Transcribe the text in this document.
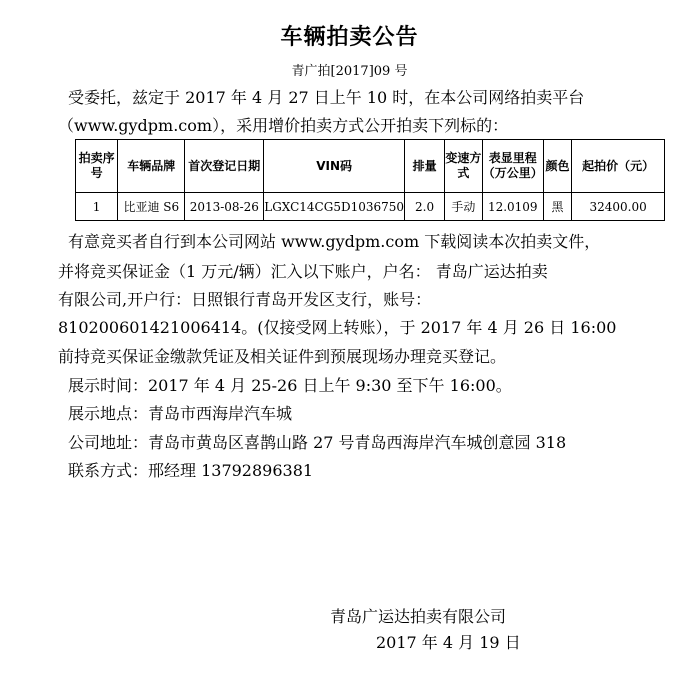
车辆拍卖公告
青广拍[2017]09 号
受委托，兹定于 2017 年 4 月 27 日上午 10 时，在本公司网络拍卖平台
（www.gydpm.com），采用增价拍卖方式公开拍卖下列标的：
拍卖序号	车辆品牌	首次登记日期	VIN码	排量	变速方式	表显里程（万公里）	颜色	起拍价（元）
1	比亚迪 S6	2013-08-26	LGXC14CG5D1036750	2.0	手动	12.0109	黑	32400.00
有意竞买者自行到本公司网站 www.gydpm.com 下载阅读本次拍卖文件，
并将竞买保证金（1 万元/辆）汇入以下账户，户名： 青岛广运达拍卖
有限公司,开户行：日照银行青岛开发区支行，账号：
810200601421006414。(仅接受网上转账），于 2017 年 4 月 26 日 16:00
前持竞买保证金缴款凭证及相关证件到预展现场办理竞买登记。
展示时间：2017 年 4 月 25-26 日上午 9:30 至下午 16:00。
展示地点：青岛市西海岸汽车城
公司地址：青岛市黄岛区喜鹊山路 27 号青岛西海岸汽车城创意园 318
联系方式：邢经理 13792896381
青岛广运达拍卖有限公司
2017 年 4 月 19 日
